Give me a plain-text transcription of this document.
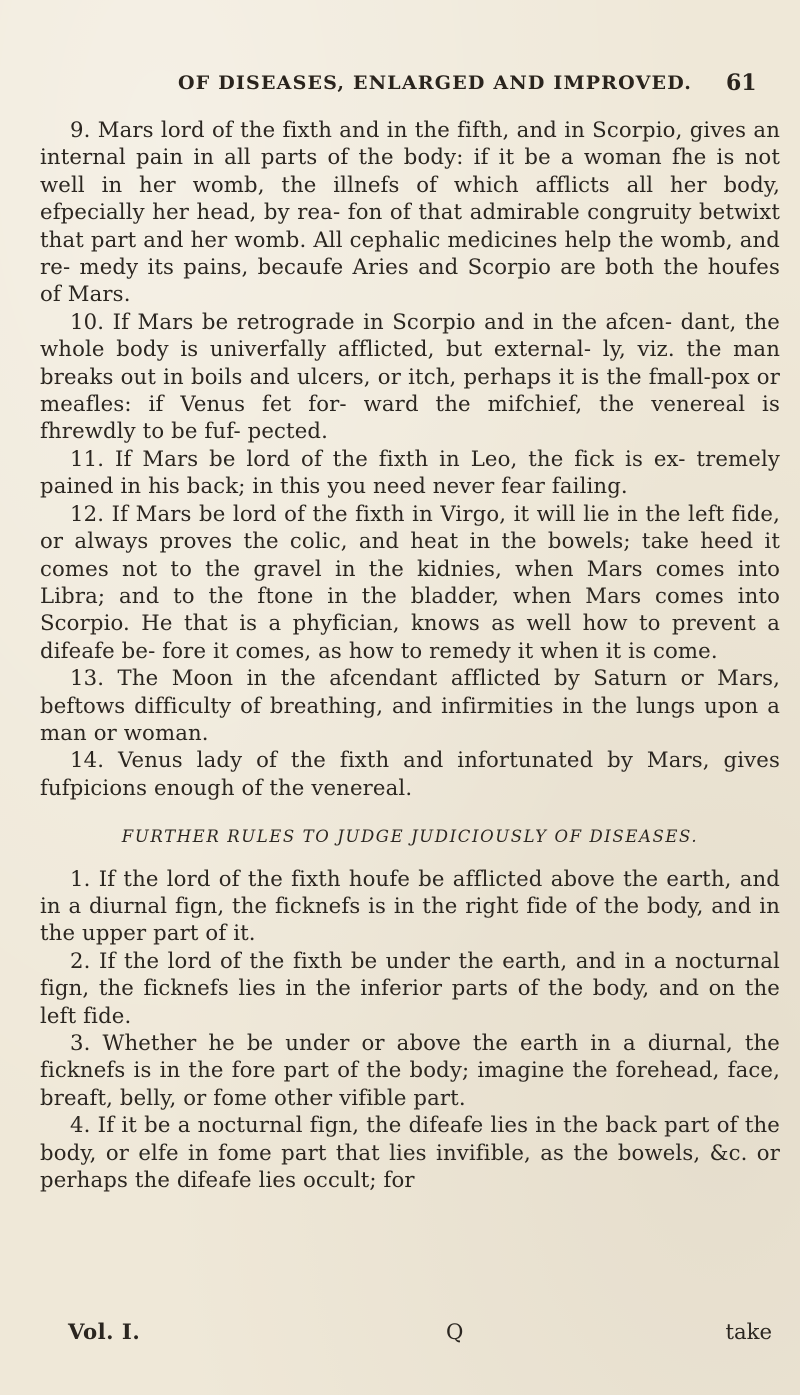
OF DISEASES, ENLARGED AND IMPROVED. 61

9. Mars lord of the fixth and in the fifth, and in Scorpio, gives an internal pain in all parts of the body: if it be a woman fhe is not well in her womb, the illnefs of which afflicts all her body, efpecially her head, by rea- fon of that admirable congruity betwixt that part and her womb. All cephalic medicines help the womb, and re- medy its pains, becaufe Aries and Scorpio are both the houfes of Mars.

10. If Mars be retrograde in Scorpio and in the afcen- dant, the whole body is univerfally afflicted, but external- ly, viz. the man breaks out in boils and ulcers, or itch, perhaps it is the fmall-pox or meafles: if Venus fet for- ward the mifchief, the venereal is fhrewdly to be fuf- pected.

11. If Mars be lord of the fixth in Leo, the fick is ex- tremely pained in his back; in this you need never fear failing.

12. If Mars be lord of the fixth in Virgo, it will lie in the left fide, or always proves the colic, and heat in the bowels; take heed it comes not to the gravel in the kidnies, when Mars comes into Libra; and to the ftone in the bladder, when Mars comes into Scorpio. He that is a phyfician, knows as well how to prevent a difeafe be- fore it comes, as how to remedy it when it is come.

13. The Moon in the afcendant afflicted by Saturn or Mars, beftows difficulty of breathing, and infirmities in the lungs upon a man or woman.

14. Venus lady of the fixth and infortunated by Mars, gives fufpicions enough of the venereal.

FURTHER RULES TO JUDGE JUDICIOUSLY OF DISEASES.

1. If the lord of the fixth houfe be afflicted above the earth, and in a diurnal fign, the ficknefs is in the right fide of the body, and in the upper part of it.

2. If the lord of the fixth be under the earth, and in a nocturnal fign, the ficknefs lies in the inferior parts of the body, and on the left fide.

3. Whether he be under or above the earth in a diurnal, the ficknefs is in the fore part of the body; imagine the forehead, face, breaft, belly, or fome other vifible part.

4. If it be a nocturnal fign, the difeafe lies in the back part of the body, or elfe in fome part that lies invifible, as the bowels, &c. or perhaps the difeafe lies occult; for

Vol. I.	Q	take
